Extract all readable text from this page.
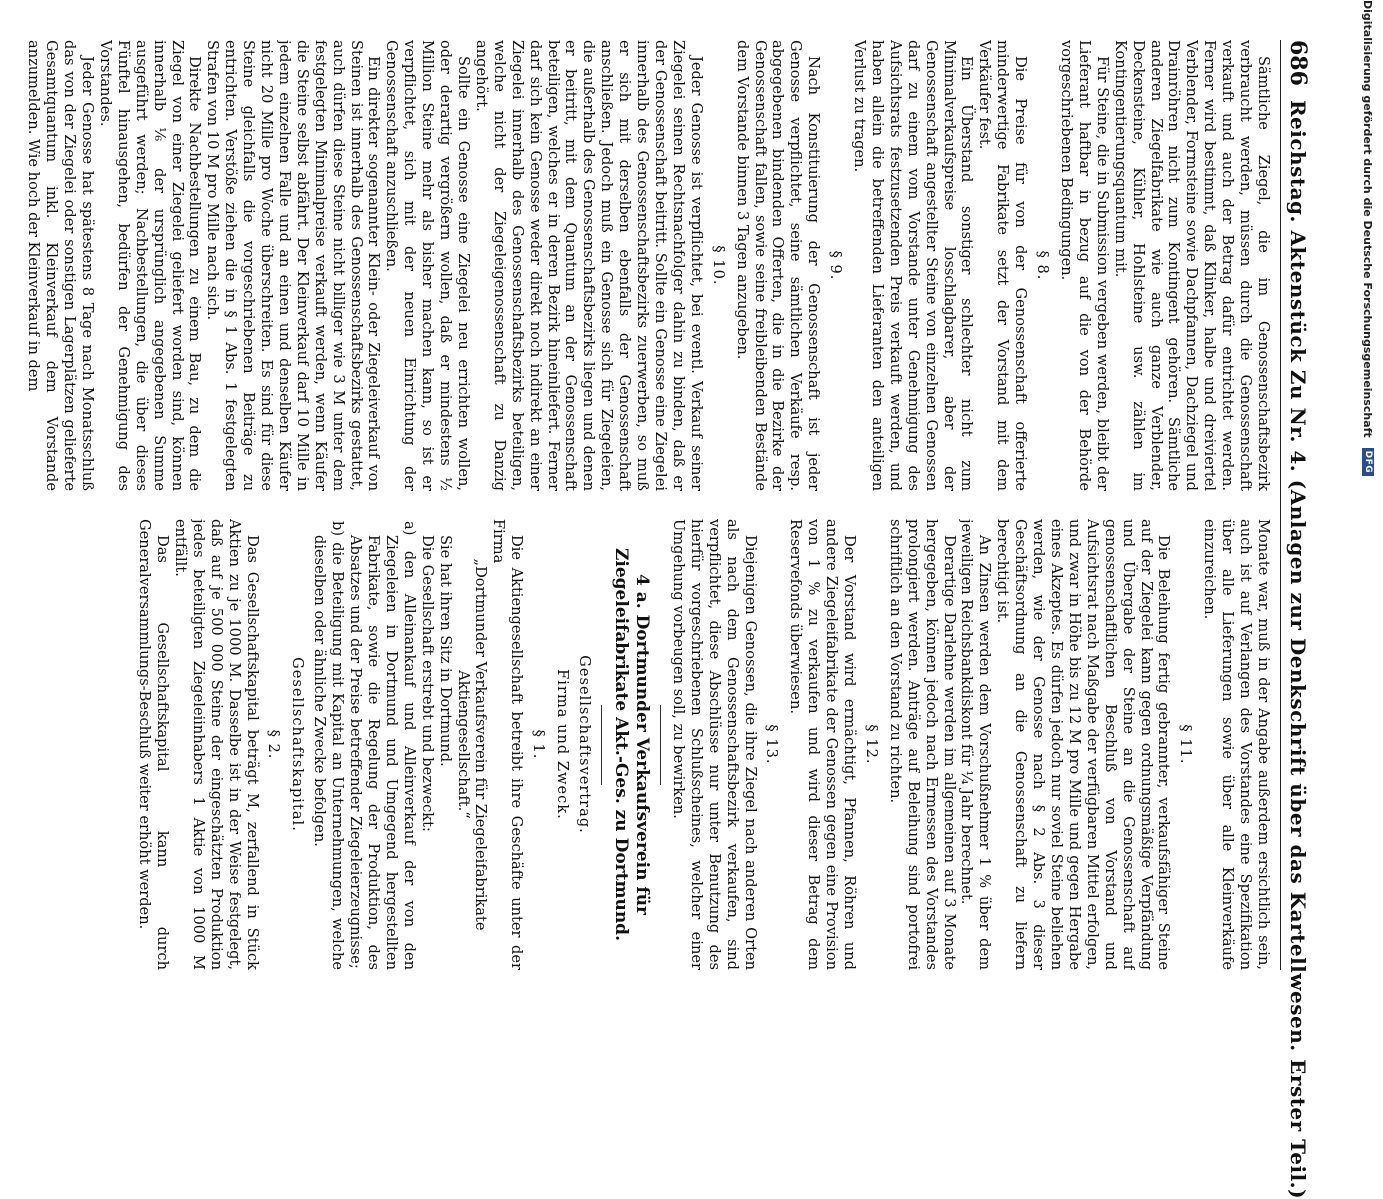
686
Reichstag. Aktenstück Zu Nr. 4. (Anlagen zur Denkschrift über das Kartellwesen. Erster Teil.)

Sämtliche Ziegel, die im Genossenschaftsbezirk verbraucht werden, müssen durch die Genossenschaft verkauft und auch der Betrag dafür entrichtet werden. Ferner wird bestimmt, daß Klinker, halbe und dreiviertel Verblender, Formsteine sowie Dachpfannen, Dachziegel und Drainröhren nicht zum Kontingent gehören. Sämtliche anderen Ziegelfabrikate wie auch ganze Verblender, Deckensteine, Kühler, Hohlsteine usw. zählen im Kontingentierungsquantum mit.

Für Steine, die in Submission vergeben werden, bleibt der Lieferant haftbar in bezug auf die von der Behörde vorgeschriebenen Bedingungen.

§ 8.

Die Preise für von der Genossenschaft offerierte minderwertige Fabrikate setzt der Vorstand mit dem Verkäufer fest.

Ein Überstand sonstiger schlechter nicht zum Minimalverkaufspreise losschlagbarer, aber der Genossenschaft angestellter Steine von einzelnen Genossen darf zu einem vom Vorstande unter Genehmigung des Aufsichtsrats festzusetzenden Preis verkauft werden, und haben allein die betreffenden Lieferanten den anteiligen Verlust zu tragen.

§ 9.

Nach Konstituierung der Genossenschaft ist jeder Genosse verpflichtet, seine sämtlichen Verkäufe resp. abgegebenen bindenden Offerten, die in die Bezirke der Genossenschaft fallen, sowie seine freibleibenden Bestände dem Vorstande binnen 3 Tagen anzugeben.

§ 10.

Jeder Genosse ist verpflichtet, bei eventl. Verkauf seiner Ziegelei seinen Rechtsnachfolger dahin zu binden, daß er der Genossenschaft beitritt. Sollte ein Genosse eine Ziegelei innerhalb des Genossenschaftsbezirks zuerwerben, so muß er sich mit derselben ebenfalls der Genossenschaft anschließen. Jedoch muß ein Genosse sich für Ziegeleien, die außerhalb des Genossenschaftsbezirks liegen und denen er beitritt, mit dem Quantum an der Genossenschaft beteiligen, welches er in deren Bezirk hineinliefert. Ferner darf sich kein Genosse weder direkt noch indirekt an einer Ziegelei innerhalb des Genossenschaftsbezirks beteiligen, welche nicht der Ziegeleigenossenschaft zu Danzig angehört.

Sollte ein Genosse eine Ziegelei neu errichten wollen, oder derartig vergrößern wollen, daß er mindestens ½ Million Steine mehr als bisher machen kann, so ist er verpflichtet, sich mit der neuen Einrichtung der Genossenschaft anzuschließen.

Ein direkter sogenannter Klein- oder Ziegeleiverkauf von Steinen ist innerhalb des Genossenschaftsbezirks gestattet, auch dürfen diese Steine nicht billiger wie 3 M unter dem festgelegten Minimalpreise verkauft werden, wenn Käufer die Steine selbst abfährt. Der Kleinverkauf darf 10 Mille in jedem einzelnen Falle und an einen und denselben Käufer nicht 20 Mille pro Woche überschreiten. Es sind für diese Steine gleichfalls die vorgeschriebenen Beiträge zu entrichten. Verstöße ziehen die in § 1 Abs. 1 festgelegten Strafen von 10 M pro Mille nach sich.

Direkte Nachbestellungen zu einem Bau, zu dem die Ziegel von einer Ziegelei geliefert worden sind, können innerhalb ⅙ der ursprünglich angegebenen Summe ausgeführt werden; Nachbestellungen, die über dieses Fünftel hinausgehen, bedürfen der Genehmigung des Vorstandes.

Jeder Genosse hat spätestens 8 Tage nach Monatsschluß das von der Ziegelei oder sonstigen Lagerplätzen gelieferte Gesamtquantum inkl. Kleinverkauf dem Vorstande anzumelden. Wie hoch der Kleinverkauf in dem

Monate war, muß in der Angabe außerdem ersichtlich sein, auch ist auf Verlangen des Vorstandes eine Spezifikation über alle Lieferungen sowie über alle Kleinverkäufe einzureichen.

§ 11.

Die Beleihung fertig gebrannter, verkaufsfähiger Steine auf der Ziegelei kann gegen ordnungsmäßige Verpfändung und Übergabe der Steine an die Genossenschaft auf genossenschaftlichen Beschluß von Vorstand und Aufsichtsrat nach Maßgabe der verfügbaren Mittel erfolgen, und zwar in Höhe bis zu 12 M pro Mille und gegen Hergabe eines Akzeptes. Es dürfen jedoch nur soviel Steine beliehen werden, wie der Genosse nach § 2 Abs. 3 dieser Geschäftsordnung an die Genossenschaft zu liefern berechtigt ist.

An Zinsen werden dem Vorschußnehmer 1 % über dem jeweiligen Reichsbankdiskont für ¼ Jahr berechnet.

Derartige Darlehne werden im allgemeinen auf 3 Monate hergegeben, können jedoch nach Ermessen des Vorstandes prolongiert werden. Anträge auf Beleihung sind portofrei schriftlich an den Vorstand zu richten.

§ 12.

Der Vorstand wird ermächtigt, Pfannen, Röhren und andere Ziegeleifabrikate der Genossen gegen eine Provision von 1 % zu verkaufen und wird dieser Betrag dem Reservefonds überwiesen.

§ 13.

Diejenigen Genossen, die ihre Ziegel nach anderen Orten als nach dem Genossenschaftsbezirk verkaufen, sind verpflichtet, diese Abschlüsse nur unter Benutzung des hierfür vorgeschriebenen Schlußscheines, welcher einer Umgehung vorbeugen soll, zu bewirken.

4 a. Dortmunder Verkaufsverein für Ziegeleifabrikate Akt.-Ges. zu Dortmund.
Gesellschaftsvertrag.
Firma und Zweck.
§ 1.

Die Aktiengesellschaft betreibt ihre Geschäfte unter der Firma

„Dortmunder Verkaufsverein für Ziegeleifabrikate Aktiengesellschaft.“

Sie hat ihren Sitz in Dortmund.

Die Gesellschaft erstrebt und bezweckt:

a) den Alleinankauf und Alleinverkauf der von den Ziegeleien in Dortmund und Umgegend hergestellten Fabrikate, sowie die Regelung der Produktion, des Absatzes und der Preise betreffender Ziegeleierzeugnisse;

b) die Beteiligung mit Kapital an Unternehmungen, welche dieselben oder ähnliche Zwecke befolgen.

Gesellschaftskapital.
§ 2.

Das Gesellschaftskapital beträgt M, zerfallend in Stück Aktien zu je 1000 M. Dasselbe ist in der Weise festgelegt, daß auf je 500 000 Steine der eingeschätzten Produktion jedes beteiligten Ziegeleiinhabers 1 Aktie von 1000 M entfällt.

Das Gesellschaftskapital kann durch Generalversammlungs-Beschluß weiter erhöht werden.

Digitalisierung gefördert durch die Deutsche Forschungsgemeinschaft
DFG
